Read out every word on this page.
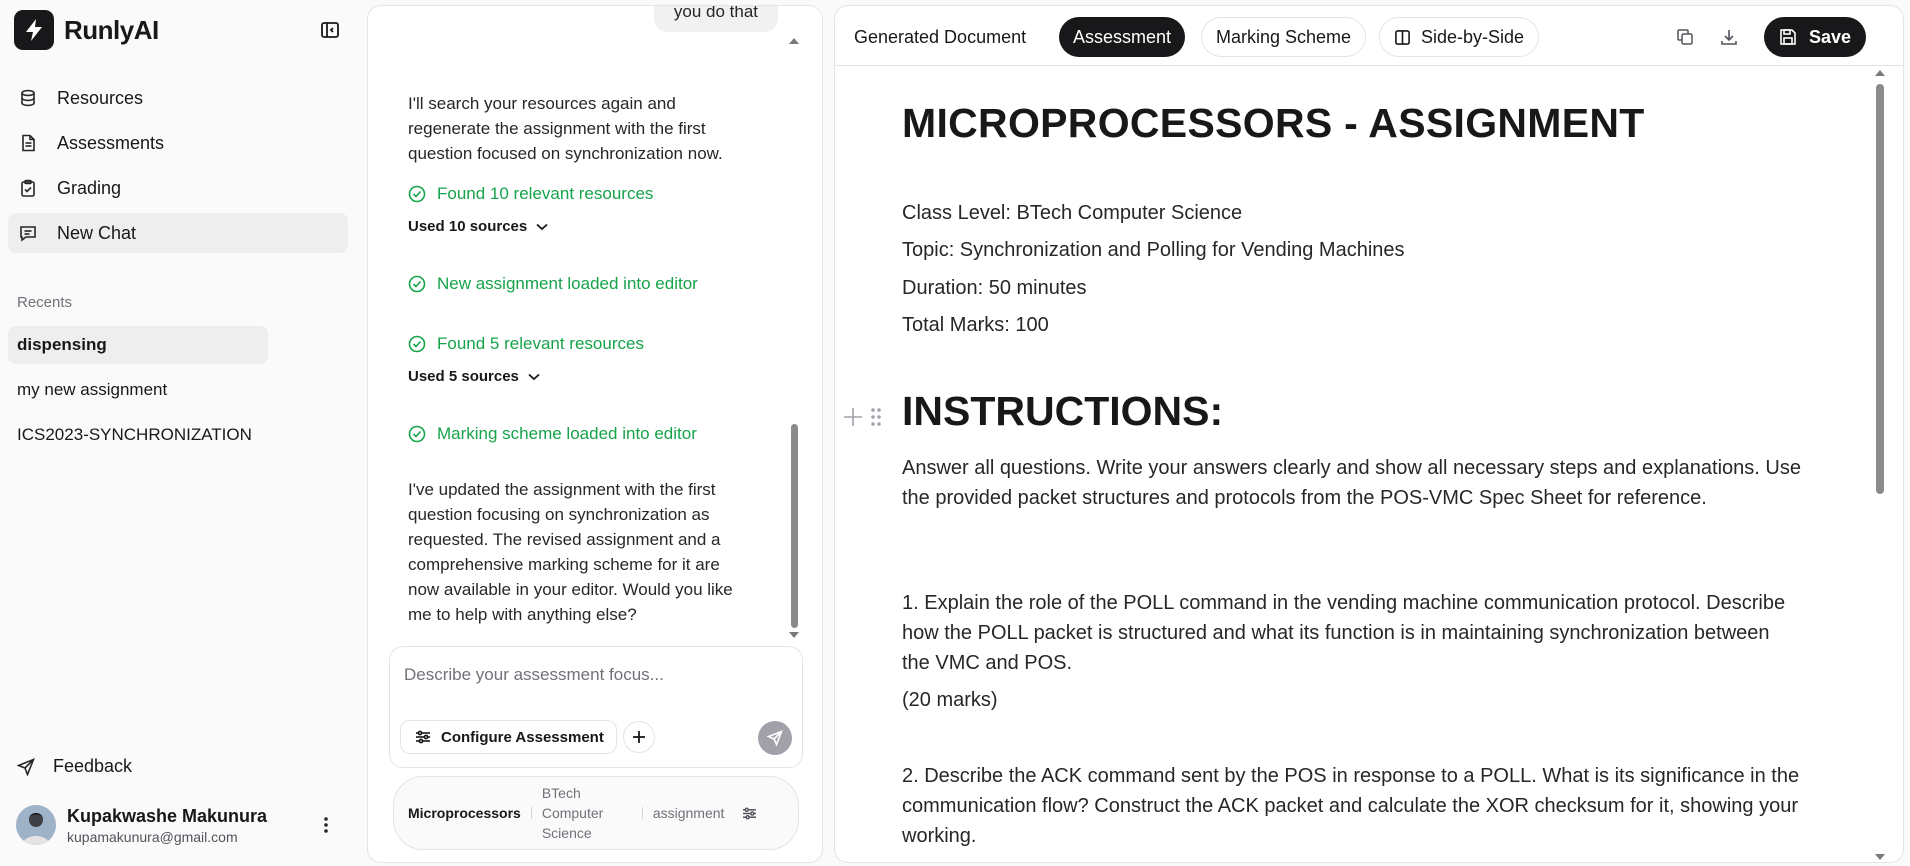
RunlyAI
Resources
Assessments
Grading
New Chat
Recents
dispensing
my new assignment
ICS2023-SYNCHRONIZATION
Feedback
Kupakwashe Makunura
kupamakunura@gmail.com
you do that
I'll search your resources again and regenerate the assignment with the first question focused on synchronization now.
Found 10 relevant resources
Used 10 sources
New assignment loaded into editor
Found 5 relevant resources
Used 5 sources
Marking scheme loaded into editor
I've updated the assignment with the first question focusing on synchronization as requested. The revised assignment and a comprehensive marking scheme for it are now available in your editor. Would you like me to help with anything else?
Describe your assessment focus...
Configure Assessment
Microprocessors
BTech Computer Science
assignment
Generated Document	Assessment	Marking Scheme	Side-by-Side	Save
MICROPROCESSORS - ASSIGNMENT
Class Level: BTech Computer Science
Topic: Synchronization and Polling for Vending Machines
Duration: 50 minutes
Total Marks: 100
INSTRUCTIONS:
Answer all questions. Write your answers clearly and show all necessary steps and explanations. Use the provided packet structures and protocols from the POS-VMC Spec Sheet for reference.
1. Explain the role of the POLL command in the vending machine communication protocol. Describe how the POLL packet is structured and what its function is in maintaining synchronization between the VMC and POS.
(20 marks)
2. Describe the ACK command sent by the POS in response to a POLL. What is its significance in the communication flow? Construct the ACK packet and calculate the XOR checksum for it, showing your working.
